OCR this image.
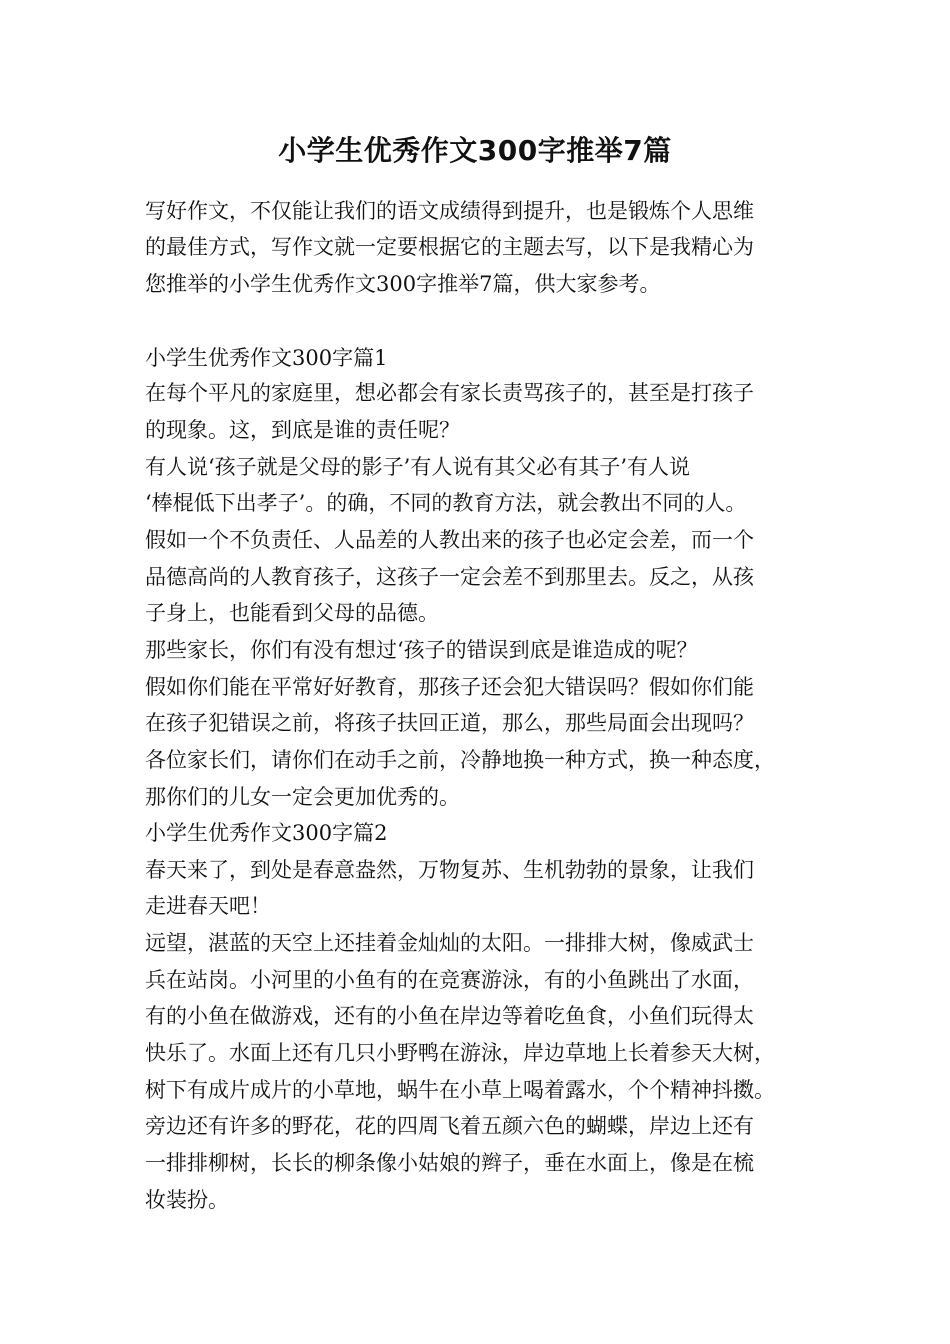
小学生优秀作文300字推举7篇
写好作文，不仅能让我们的语文成绩得到提升，也是锻炼个人思维
的最佳方式，写作文就一定要根据它的主题去写，以下是我精心为
您推举的小学生优秀作文300字推举7篇，供大家参考。
小学生优秀作文300字篇1
在每个平凡的家庭里，想必都会有家长责骂孩子的，甚至是打孩子
的现象。这，到底是谁的责任呢？
有人说‘孩子就是父母的影子’有人说有其父必有其子’有人说
‘棒棍低下出孝子’。的确，不同的教育方法，就会教出不同的人。
假如一个不负责任、人品差的人教出来的孩子也必定会差，而一个
品德高尚的人教育孩子，这孩子一定会差不到那里去。反之，从孩
子身上，也能看到父母的品德。
那些家长，你们有没有想过‘孩子的错误到底是谁造成的呢？
假如你们能在平常好好教育，那孩子还会犯大错误吗？假如你们能
在孩子犯错误之前，将孩子扶回正道，那么，那些局面会出现吗？
各位家长们，请你们在动手之前，冷静地换一种方式，换一种态度，
那你们的儿女一定会更加优秀的。
小学生优秀作文300字篇2
春天来了，到处是春意盎然，万物复苏、生机勃勃的景象，让我们
走进春天吧！
远望，湛蓝的天空上还挂着金灿灿的太阳。一排排大树，像威武士
兵在站岗。小河里的小鱼有的在竞赛游泳，有的小鱼跳出了水面，
有的小鱼在做游戏，还有的小鱼在岸边等着吃鱼食，小鱼们玩得太
快乐了。水面上还有几只小野鸭在游泳，岸边草地上长着参天大树，
树下有成片成片的小草地，蜗牛在小草上喝着露水，个个精神抖擞。
旁边还有许多的野花，花的四周飞着五颜六色的蝴蝶，岸边上还有
一排排柳树，长长的柳条像小姑娘的辫子，垂在水面上，像是在梳
妆装扮。
